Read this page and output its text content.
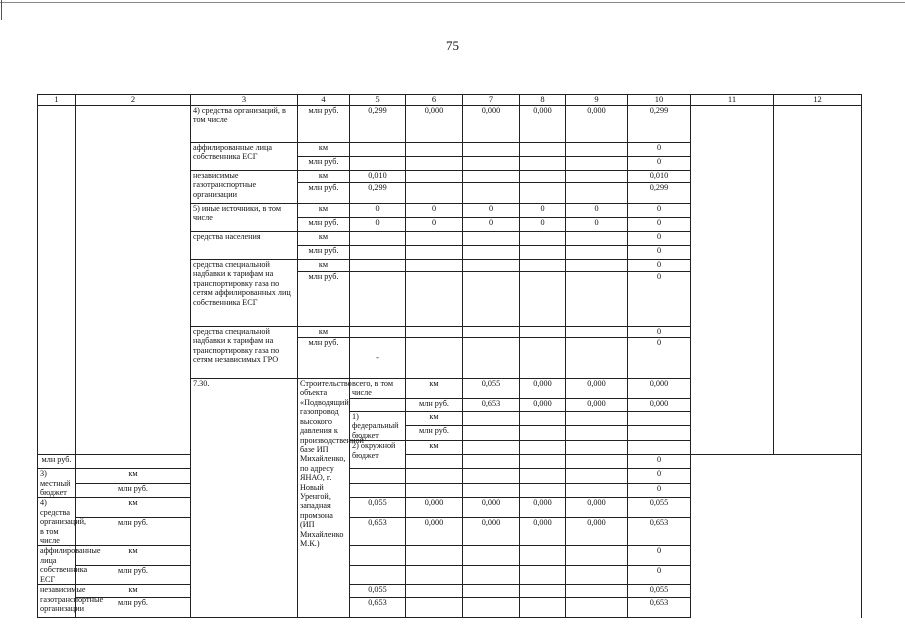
75
1	2	3	4	5	6	7	8	9	10	11	12	
		4) средства организаций, в том числе	млн руб.	0,299	0,000	0,000	0,000	0,000	0,299			
		аффилированные лица собственника ЕСГ	км						0			
			млн руб.						0			
		независимые газотранспортные организации	км	0,010					0,010			
			млн руб.	0,299					0,299			
		5) иные источники, в том числе	км	0	0	0	0	0	0			
			млн руб.	0	0	0	0	0	0			
		средства населения	км						0			
			млн руб.						0			
		средства специальной надбавки к тарифам на транспортировку газа по сетям аффилированных лиц собственника ЕСГ	км						0			
			млн руб.						0			
		средства специальной надбавки к тарифам на транспортировку газа по сетям независимых ГРО	км						0			
			млн руб.	-					0			
		7.30.	Строительство объекта «Подводящий газопровод высокого давления к производственной базе ИП Михайленко, по адресу ЯНАО, г. Новый Уренгой, западная промзона (ИП Михайленко М.К.)	всего, в том числе	км	0,055	0,000	0,000	0,000				
					млн руб.	0,653	0,000	0,000	0,000		
				1) федеральный бюджет	км						
					млн руб.						
				2) окружной бюджет	км						
млн руб.									0			
3) местный бюджет	км								0			
	млн руб.								0			
4) средства организаций, в том числе	км			0,055	0,000	0,000	0,000	0,000	0,055			
	млн руб.			0,653	0,000	0,000	0,000	0,000	0,653			
аффилированные лица собственника ЕСГ	км								0			
	млн руб.								0			
независимые газотранспортные организации	км			0,055					0,055			
	млн руб.			0,653					0,653			
